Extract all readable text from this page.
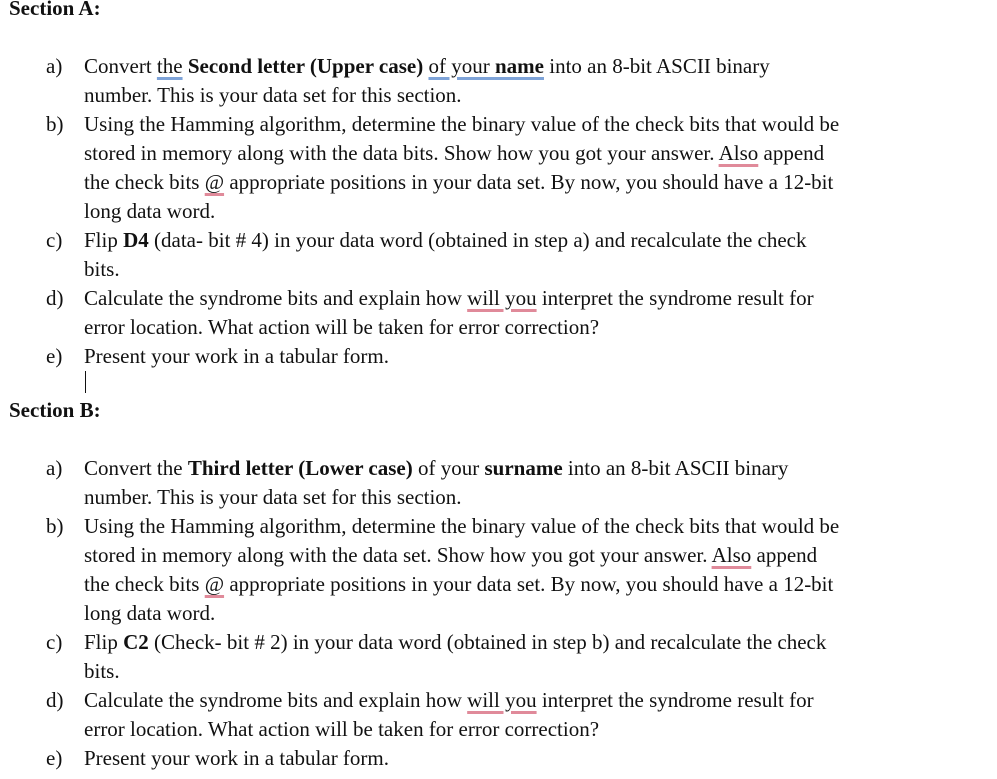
Section A:
a) Convert the Second letter (Upper case) of your name into an 8-bit ASCII binary
number. This is your data set for this section.
b) Using the Hamming algorithm, determine the binary value of the check bits that would be
stored in memory along with the data bits. Show how you got your answer. Also append
the check bits @ appropriate positions in your data set. By now, you should have a 12-bit
long data word.
c) Flip D4 (data- bit # 4) in your data word (obtained in step a) and recalculate the check
bits.
d) Calculate the syndrome bits and explain how will you interpret the syndrome result for
error location. What action will be taken for error correction?
e) Present your work in a tabular form.
Section B:
a) Convert the Third letter (Lower case) of your surname into an 8-bit ASCII binary
number. This is your data set for this section.
b) Using the Hamming algorithm, determine the binary value of the check bits that would be
stored in memory along with the data set. Show how you got your answer. Also append
the check bits @ appropriate positions in your data set. By now, you should have a 12-bit
long data word.
c) Flip C2 (Check- bit # 2) in your data word (obtained in step b) and recalculate the check
bits.
d) Calculate the syndrome bits and explain how will you interpret the syndrome result for
error location. What action will be taken for error correction?
e) Present your work in a tabular form.
